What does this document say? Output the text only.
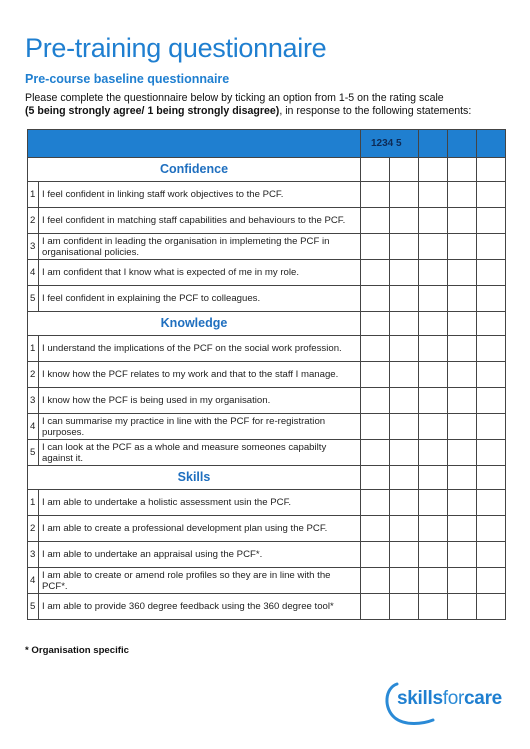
Pre-training questionnaire
Pre-course baseline questionnaire
Please complete the questionnaire below by ticking an option from 1-5 on the rating scale
(5 being strongly agree/ 1 being strongly disagree), in response to the following statements:
		1234 5				
Confidence						
1	I feel confident in linking staff work objectives to the PCF.					
2	I feel confident in matching staff capabilities and behaviours to the PCF.					
3	I am confident in leading the organisation in implemeting the PCF in organisational policies.					
4	I am confident that I know what is expected of me in my role.					
5	I feel confident in explaining the PCF to colleagues.					
Knowledge						
1	I understand the implications of the PCF on the social work profession.					
2	I know how the PCF relates to my work and that to the staff I manage.					
3	I know how the PCF is being used in my organisation.					
4	I can summarise my practice in line with the PCF for re-registration purposes.					
5	I can look at the PCF as a whole and measure someones capabilty against it.					
Skills						
1	I am able to undertake a holistic assessment usin the PCF.					
2	I am able to create a professional development plan using the PCF.					
3	I am able to undertake an appraisal using the PCF*.					
4	I am able to create or amend role profiles so they are in line with the PCF*.					
5	I am able to provide 360 degree feedback using the 360 degree tool*					
* Organisation specific
skillsforcare
